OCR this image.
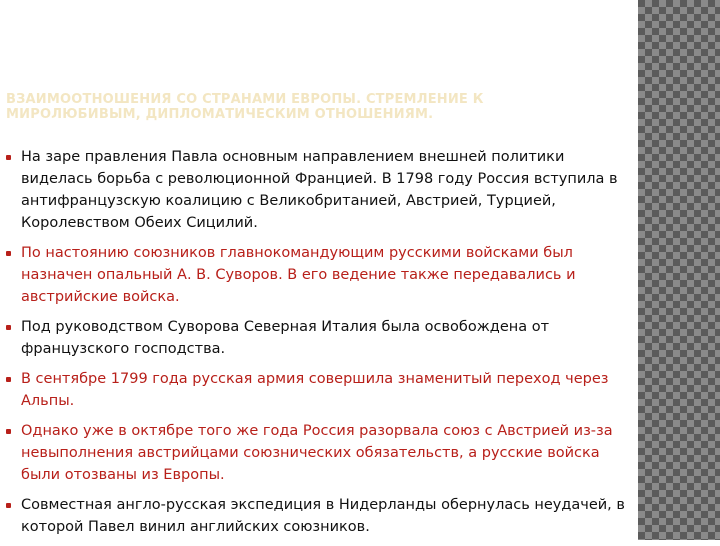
ВЗАИМООТНОШЕНИЯ СО СТРАНАМИ ЕВРОПЫ. СТРЕМЛЕНИЕ К МИРОЛЮБИВЫМ, ДИПЛОМАТИЧЕСКИМ ОТНОШЕНИЯМ.
На заре правления Павла основным направлением внешней политики виделась борьба с революционной Францией. В 1798 году Россия вступила в антифранцузскую коалицию с Великобританией, Австрией, Турцией, Королевством Обеих Сицилий.
По настоянию союзников главнокомандующим русскими войсками был назначен опальный А. В. Суворов. В его ведение также передавались и австрийские войска.
Под руководством Суворова Северная Италия была освобождена от французского господства.
В сентябре 1799 года русская армия совершила знаменитый переход через Альпы.
Однако уже в октябре того же года Россия разорвала союз с Австрией из-за невыполнения австрийцами союзнических обязательств, а русские войска были отозваны из Европы.
Совместная англо-русская экспедиция в Нидерланды обернулась неудачей, в которой Павел винил английских союзников.
